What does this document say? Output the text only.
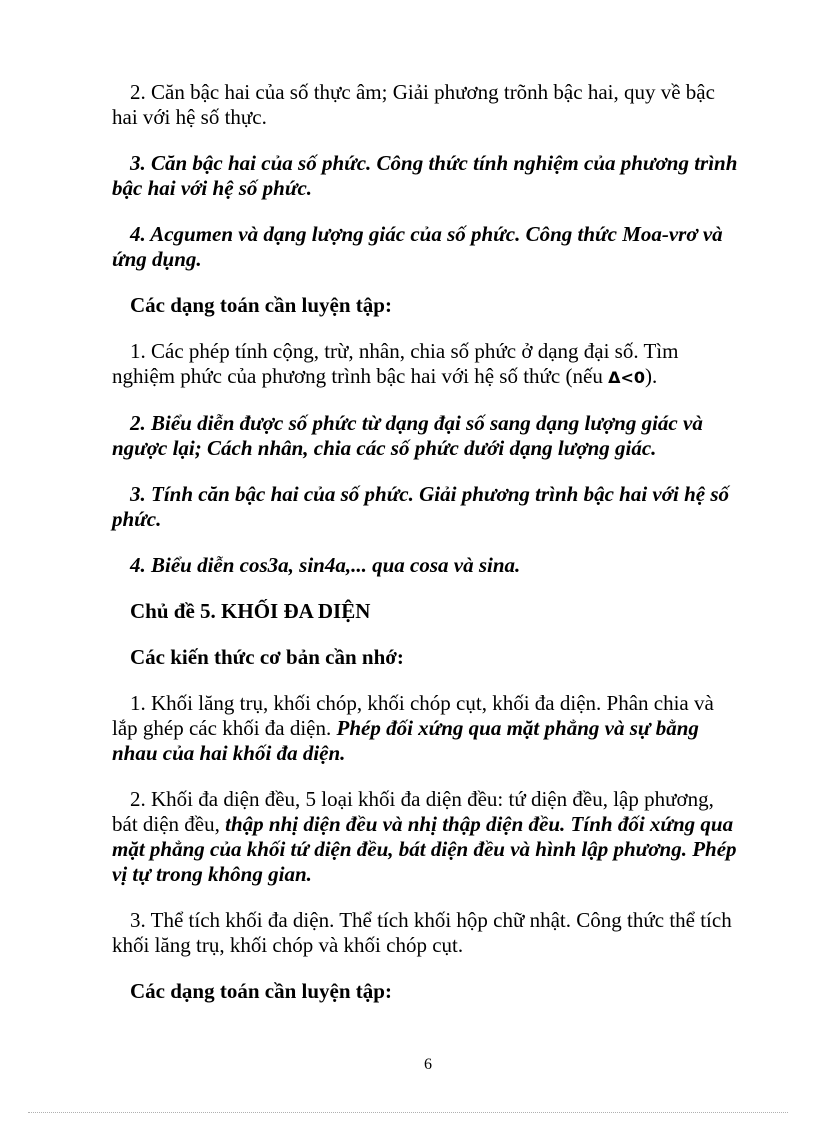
2. Căn bậc hai của số thực âm; Giải phương trõnh bậc hai, quy về bậc hai với hệ số thực.

3. Căn bậc hai của số phức. Công thức tính nghiệm của phương trình bậc hai với hệ số phức.

4. Acgumen và dạng lượng giác của số phức. Công thức Moa-vrơ và ứng dụng.

Các dạng toán cần luyện tập:

1. Các phép tính cộng, trừ, nhân, chia số phức ở dạng đại số. Tìm nghiệm phức của phương trình bậc hai với hệ số thức (nếu Δ<0).

2. Biểu diễn được số phức từ dạng đại số sang dạng lượng giác và ngược lại; Cách nhân, chia các số phức dưới dạng lượng giác.

3. Tính căn bậc hai của số phức. Giải phương trình bậc hai với hệ số phức.

4. Biểu diễn cos3a, sin4a,... qua cosa và sina.

Chủ đề 5. KHỐI ĐA DIỆN

Các kiến thức cơ bản cần nhớ:

1. Khối lăng trụ, khối chóp, khối chóp cụt, khối đa diện. Phân chia và lắp ghép các khối đa diện. Phép đối xứng qua mặt phẳng và sự bằng nhau của hai khối đa diện.

2. Khối đa diện đều, 5 loại khối đa diện đều: tứ diện đều, lập phương, bát diện đều, thập nhị diện đều và nhị thập diện đều. Tính đối xứng qua mặt phẳng của khối tứ diện đều, bát diện đều và hình lập phương. Phép vị tự trong không gian.

3. Thể tích khối đa diện. Thể tích khối hộp chữ nhật. Công thức thể tích khối lăng trụ, khối chóp và khối chóp cụt.

Các dạng toán cần luyện tập:

6
